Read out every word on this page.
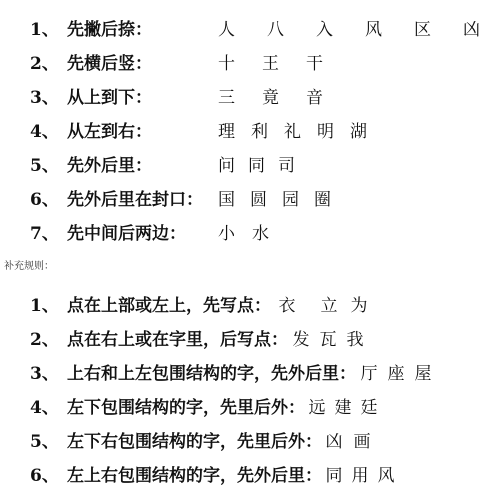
1、 先撇后捺：	人 八 入 风 区 凶
2、 先横后竖：	十 王 干
3、 从上到下：	三 竟 音
4、 从左到右：	理 利 礼 明 湖
5、 先外后里：	问 同 司
6、 先外后里在封口： 国 圆 园 圈
7、 先中间后两边： 小 水
补充规则：
1、 点在上部或左上，先写点： 衣 立 为
2、 点在右上或在字里，后写点： 发 瓦 我
3、 上右和上左包围结构的字，先外后里： 厅 座 屋
4、 左下包围结构的字，先里后外： 远 建 廷
5、 左下右包围结构的字，先里后外： 凶 画
6、 左上右包围结构的字，先外后里： 同 用 风
